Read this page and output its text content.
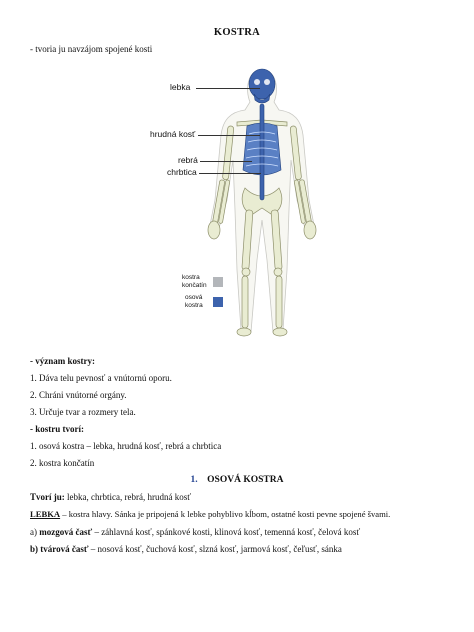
KOSTRA
- tvoria ju navzájom spojené kosti
lebka
hrudná kosť
rebrá
chrbtica
kostra
končatín
osová
kostra
- význam kostry:
1. Dáva telu pevnosť a vnútornú oporu.
2. Chráni vnútorné orgány.
3. Určuje tvar a rozmery tela.
- kostru tvorí:
1. osová kostra – lebka, hrudná kosť, rebrá a chrbtica
2. kostra končatín
1. OSOVÁ KOSTRA
Tvorí ju: lebka, chrbtica, rebrá, hrudná kosť
LEBKA – kostra hlavy. Sánka je pripojená k lebke pohyblivo kĺbom, ostatné kosti pevne spojené švami.
a) mozgová časť – záhlavná kosť, spánkové kosti, klinová kosť, temenná kosť, čelová kosť
b) tvárová časť – nosová kosť, čuchová kosť, slzná kosť, jarmová kosť, čeľusť, sánka
